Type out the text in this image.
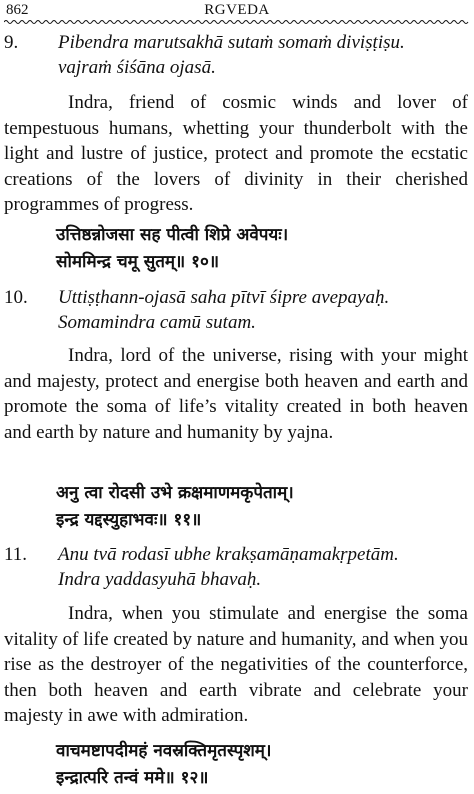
862	RGVEDA
9. Pibendra marutsakhā sutaṁ somaṁ diviṣṭiṣu.
vajraṁ śiśāna ojasā.

Indra, friend of cosmic winds and lover of tempestuous humans, whetting your thunderbolt with the light and lustre of justice, protect and promote the ecstatic creations of the lovers of divinity in their cherished programmes of progress.

उत्तिष्ठन्नोजसा सह पीत्वी शिप्रे अवेपयः।
सोममिन्द्र चमू सुतम्॥ १०॥
10. Uttiṣṭhann-ojasā saha pītvī śipre avepayaḥ.
Somamindra camū sutam.

Indra, lord of the universe, rising with your might and majesty, protect and energise both heaven and earth and promote the soma of life’s vitality created in both heaven and earth by nature and humanity by yajna.

अनु त्वा रोदसी उभे क्रक्षमाणमकृपेताम्।
इन्द्र यद्दस्युहाभवः॥ ११॥
11. Anu tvā rodasī ubhe krakṣamāṇamakṛpetām.
Indra yaddasyuhā bhavaḥ.

Indra, when you stimulate and energise the soma vitality of life created by nature and humanity, and when you rise as the destroyer of the negativities of the counterforce, then both heaven and earth vibrate and celebrate your majesty in awe with admiration.

वाचमष्टापदीमहं नवस्रक्तिमृतस्पृशम्।
इन्द्रात्परि तन्वं ममे॥ १२॥
